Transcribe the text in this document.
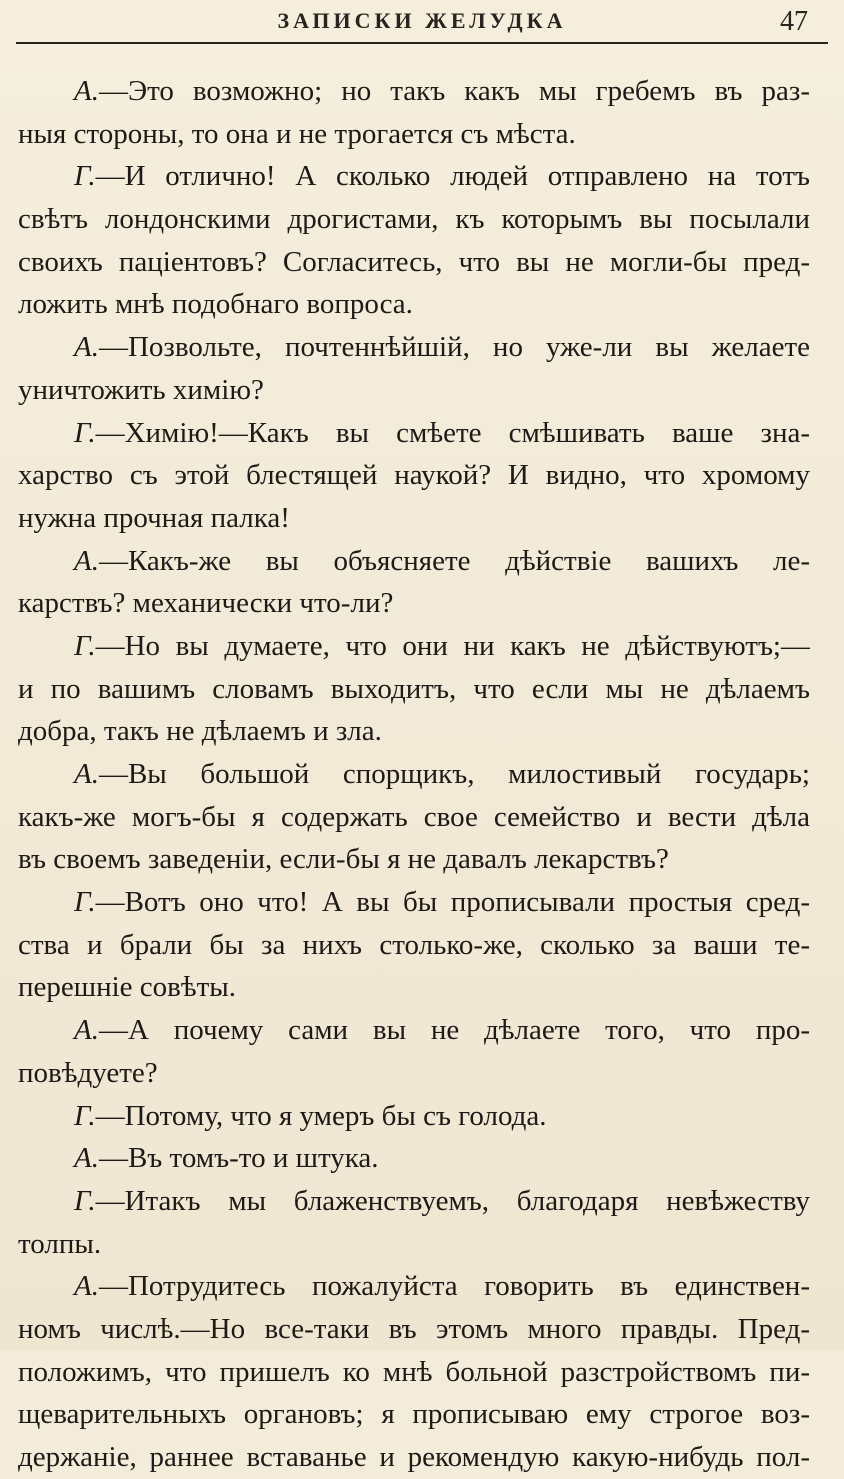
ЗАПИСКИ ЖЕЛУДКА	47
А.—Это возможно; но такъ какъ мы гребемъ въ раз-
ныя стороны, то она и не трогается съ мѣста.
Г.—И отлично! А сколько людей отправлено на тотъ
свѣтъ лондонскими дрогистами, къ которымъ вы посылали
своихъ паціентовъ? Согласитесь, что вы не могли-бы пред-
ложить мнѣ подобнаго вопроса.
А.—Позвольте, почтеннѣйшій, но уже-ли вы желаете
уничтожить химію?
Г.—Химію!—Какъ вы смѣете смѣшивать ваше зна-
харство съ этой блестящей наукой? И видно, что хромому
нужна прочная палка!
А.—Какъ-же вы объясняете дѣйствіе вашихъ ле-
карствъ? механически что-ли?
Г.—Но вы думаете, что они ни какъ не дѣйствуютъ;—
и по вашимъ словамъ выходитъ, что если мы не дѣлаемъ
добра, такъ не дѣлаемъ и зла.
А.—Вы большой спорщикъ, милостивый государь;
какъ-же могъ-бы я содержать свое семейство и вести дѣла
въ своемъ заведеніи, если-бы я не давалъ лекарствъ?
Г.—Вотъ оно что! А вы бы прописывали простыя сред-
ства и брали бы за нихъ столько-же, сколько за ваши те-
перешніе совѣты.
А.—А почему сами вы не дѣлаете того, что про-
повѣдуете?
Г.—Потому, что я умеръ бы съ голода.
А.—Въ томъ-то и штука.
Г.—Итакъ мы блаженствуемъ, благодаря невѣжеству
толпы.
А.—Потрудитесь пожалуйста говорить въ единствен-
номъ числѣ.—Но все-таки въ этомъ много правды. Пред-
положимъ, что пришелъ ко мнѣ больной разстройствомъ пи-
щеварительныхъ органовъ; я прописываю ему строгое воз-
держаніе, раннее вставанье и рекомендую какую-нибудь пол-
